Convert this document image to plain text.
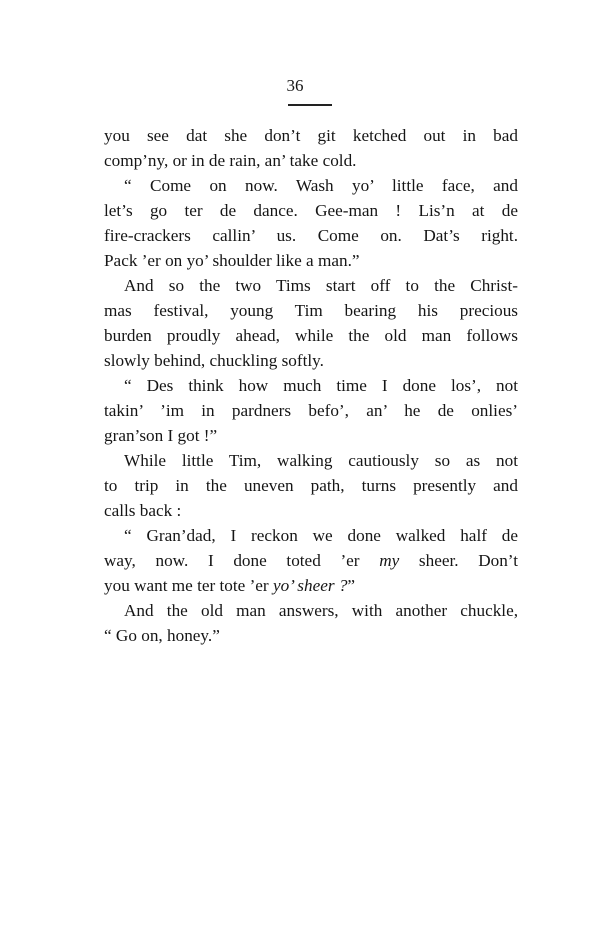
36
you see dat she don’t git ketched out in bad
comp’ny, or in de rain, an’ take cold.
“ Come on now. Wash yo’ little face, and
let’s go ter de dance. Gee-man ! Lis’n at de
fire-crackers callin’ us. Come on. Dat’s right.
Pack ’er on yo’ shoulder like a man.”
And so the two Tims start off to the Christ-
mas festival, young Tim bearing his precious
burden proudly ahead, while the old man follows
slowly behind, chuckling softly.
“ Des think how much time I done los’, not
takin’ ’im in pardners befo’, an’ he de onlies’
gran’son I got !”
While little Tim, walking cautiously so as not
to trip in the uneven path, turns presently and
calls back :
“ Gran’dad, I reckon we done walked half de
way, now. I done toted ’er my sheer. Don’t
you want me ter tote ’er yo’ sheer ?”
And the old man answers, with another chuckle,
“ Go on, honey.”
